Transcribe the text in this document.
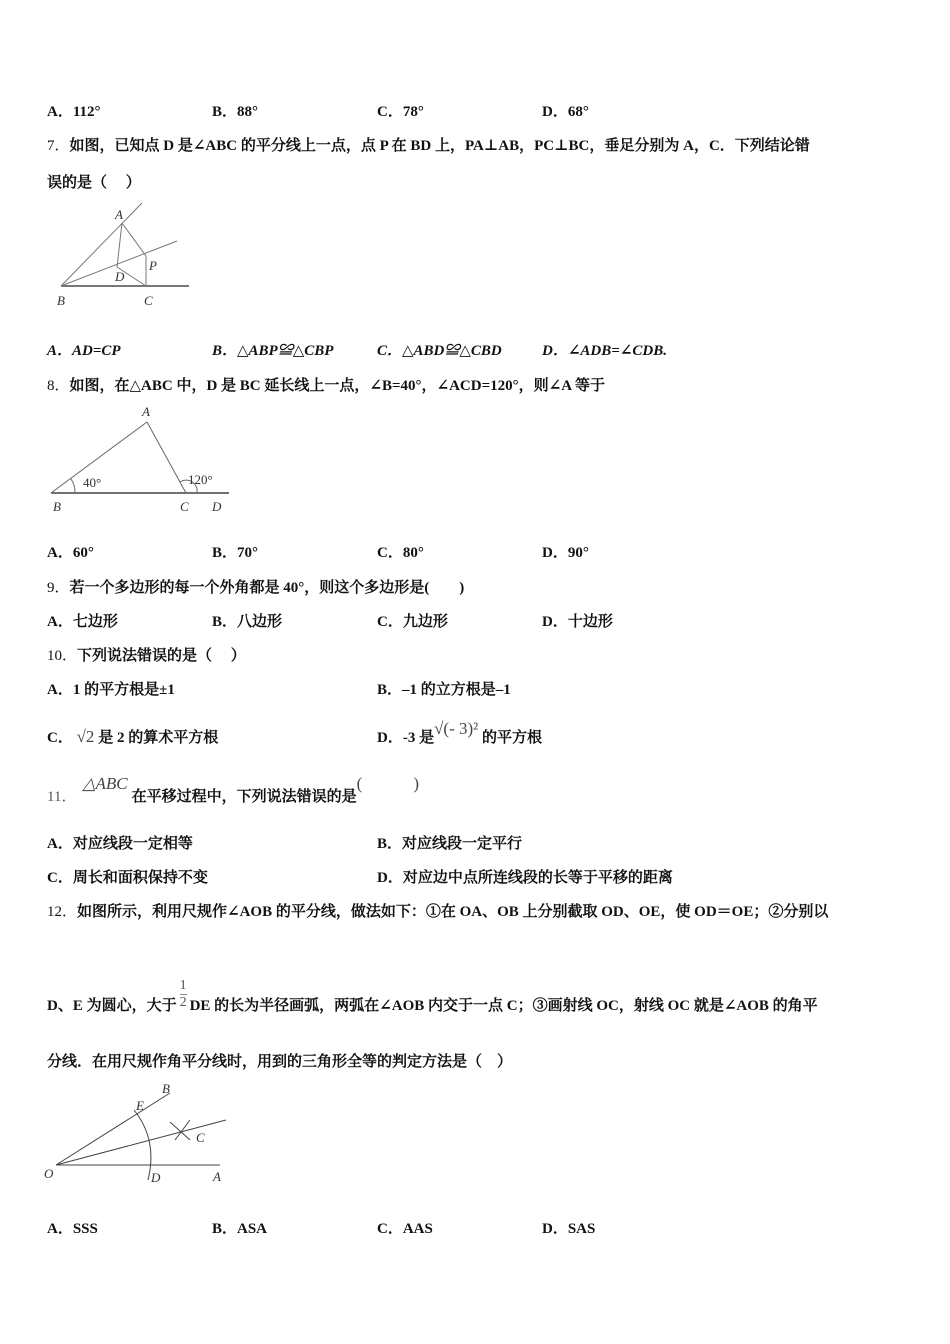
A．112°	B．88°	C．78°	D．68°
7．如图，已知点 D 是∠ABC 的平分线上一点，点 P 在 BD 上，PA⊥AB，PC⊥BC，垂足分别为 A，C．下列结论错
误的是（　 ）
A
B	C
D
P
A．AD=CP	B．△ABP≌△CBP	C．△ABD≌△CBD	D．∠ADB=∠CDB.
8．如图，在△ABC 中，D 是 BC 延长线上一点，∠B=40°，∠ACD=120°，则∠A 等于
A
B	C D
40°	120°
A．60°	B．70°	C．80°	D．90°
9．若一个多边形的每一个外角都是 40°，则这个多边形是(　　)
A．七边形	B．八边形	C．九边形	D．十边形
10．下列说法错误的是（　 ）
A．1 的平方根是±1	B．–1 的立方根是–1
C． √2 是 2 的算术平方根	D．-3 是√(- 3)² 的平方根
11．△ABC在平移过程中，下列说法错误的是(　　　)
A．对应线段一定相等	B．对应线段一定平行
C．周长和面积保持不变	D．对应边中点所连线段的长等于平移的距离
12．如图所示，利用尺规作∠AOB 的平分线，做法如下：①在 OA、OB 上分别截取 OD、OE，使 OD＝OE；②分别以
D、E 为圆心，大于 $\frac{1}{2}$ DE 的长为半径画弧，两弧在∠AOB 内交于一点 C；③画射线 OC，射线 OC 就是∠AOB 的角平
分线．在用尺规作角平分线时，用到的三角形全等的判定方法是（　）
O	A
B
C
D
E
A．SSS	B．ASA	C．AAS	D．SAS
